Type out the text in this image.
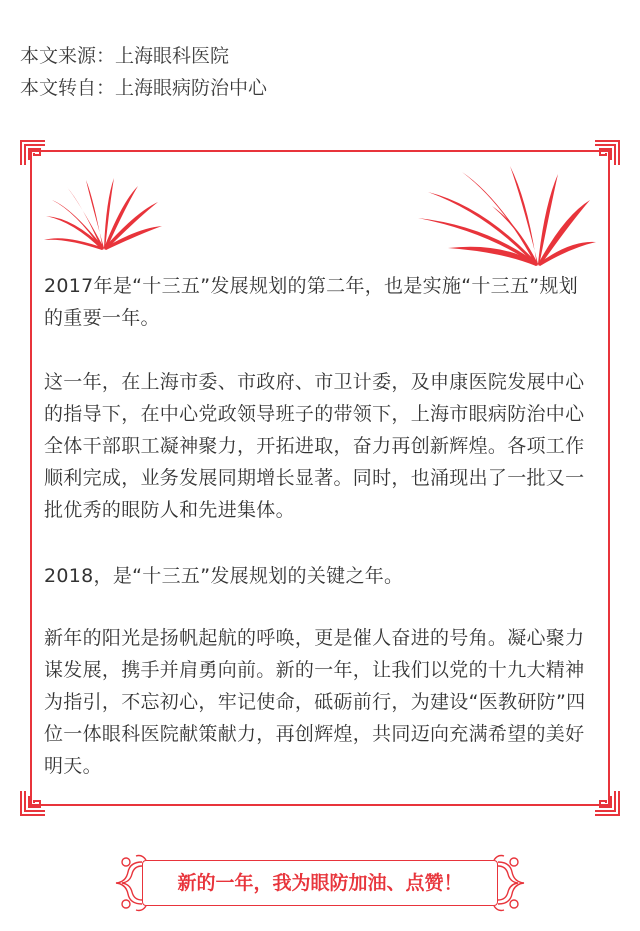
本文来源：上海眼科医院
本文转自：上海眼病防治中心

2017年是“十三五”发展规划的第二年，也是实施“十三五”规划的重要一年。

这一年，在上海市委、市政府、市卫计委，及申康医院发展中心的指导下，在中心党政领导班子的带领下，上海市眼病防治中心全体干部职工凝神聚力，开拓进取，奋力再创新辉煌。各项工作顺利完成，业务发展同期增长显著。同时，也涌现出了一批又一批优秀的眼防人和先进集体。

2018，是“十三五”发展规划的关键之年。

新年的阳光是扬帆起航的呼唤，更是催人奋进的号角。凝心聚力谋发展，携手并肩勇向前。新的一年，让我们以党的十九大精神为指引，不忘初心，牢记使命，砥砺前行，为建设“医教研防”四位一体眼科医院献策献力，再创辉煌，共同迈向充满希望的美好明天。

新的一年，我为眼防加油、点赞！
